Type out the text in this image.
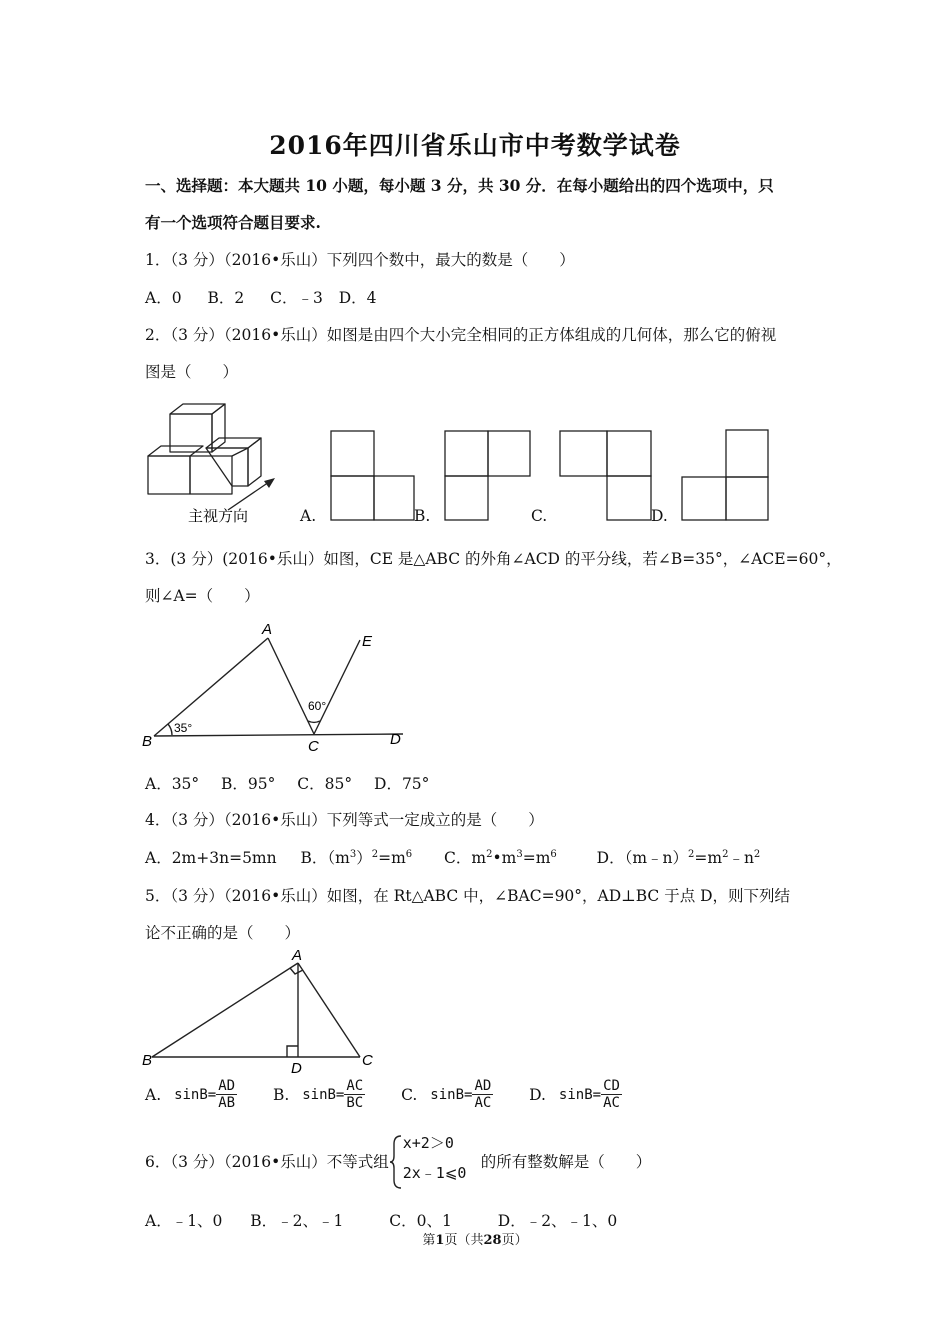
2016年四川省乐山市中考数学试卷
一、选择题：本大题共 10 小题，每小题 3 分，共 30 分．在每小题给出的四个选项中，只
有一个选项符合题目要求.
1．（3 分）（2016•乐山）下列四个数中，最大的数是（　　）
A．0 B．2 C．﹣3 D．4
2．（3 分）（2016•乐山）如图是由四个大小完全相同的正方体组成的几何体，那么它的俯视
图是（　　）
主视方向	A.	B.	C.	D.
3．(3 分）(2016•乐山）如图，CE 是△ABC 的外角∠ACD 的平分线，若∠B=35°，∠ACE=60°，
则∠A=（　　）
A
B	C	D
E
35°
60°
A．35° B．95° C．85° D．75°
4．（3 分）（2016•乐山）下列等式一定成立的是（　　）
A．2m+3n=5mn B．$(m^3)^2=m^6$ C．$m^2•m^3=m^6$	D．$(m﹣n)^2=m^2﹣n^2$
5．（3 分）（2016•乐山）如图，在 Rt△ABC 中，∠BAC=90°，AD⊥BC 于点 D，则下列结
论不正确的是（　　）
A
B	C
D
A. $\sin B= \frac{AD}{AB} B$. $\sin B= \frac{AC}{BC} C$. $\sin B= \frac{AD}{AC} D$. $\sin B= \frac{CD}{AC}$
6．（3 分）（2016•乐山）不等式组
x+2＞0
2x﹣1⩽0
的所有整数解是（　　）
A．﹣1、0 B．﹣2、﹣1	C．0、1	D．﹣2、﹣1、0
第1页（共28页）
